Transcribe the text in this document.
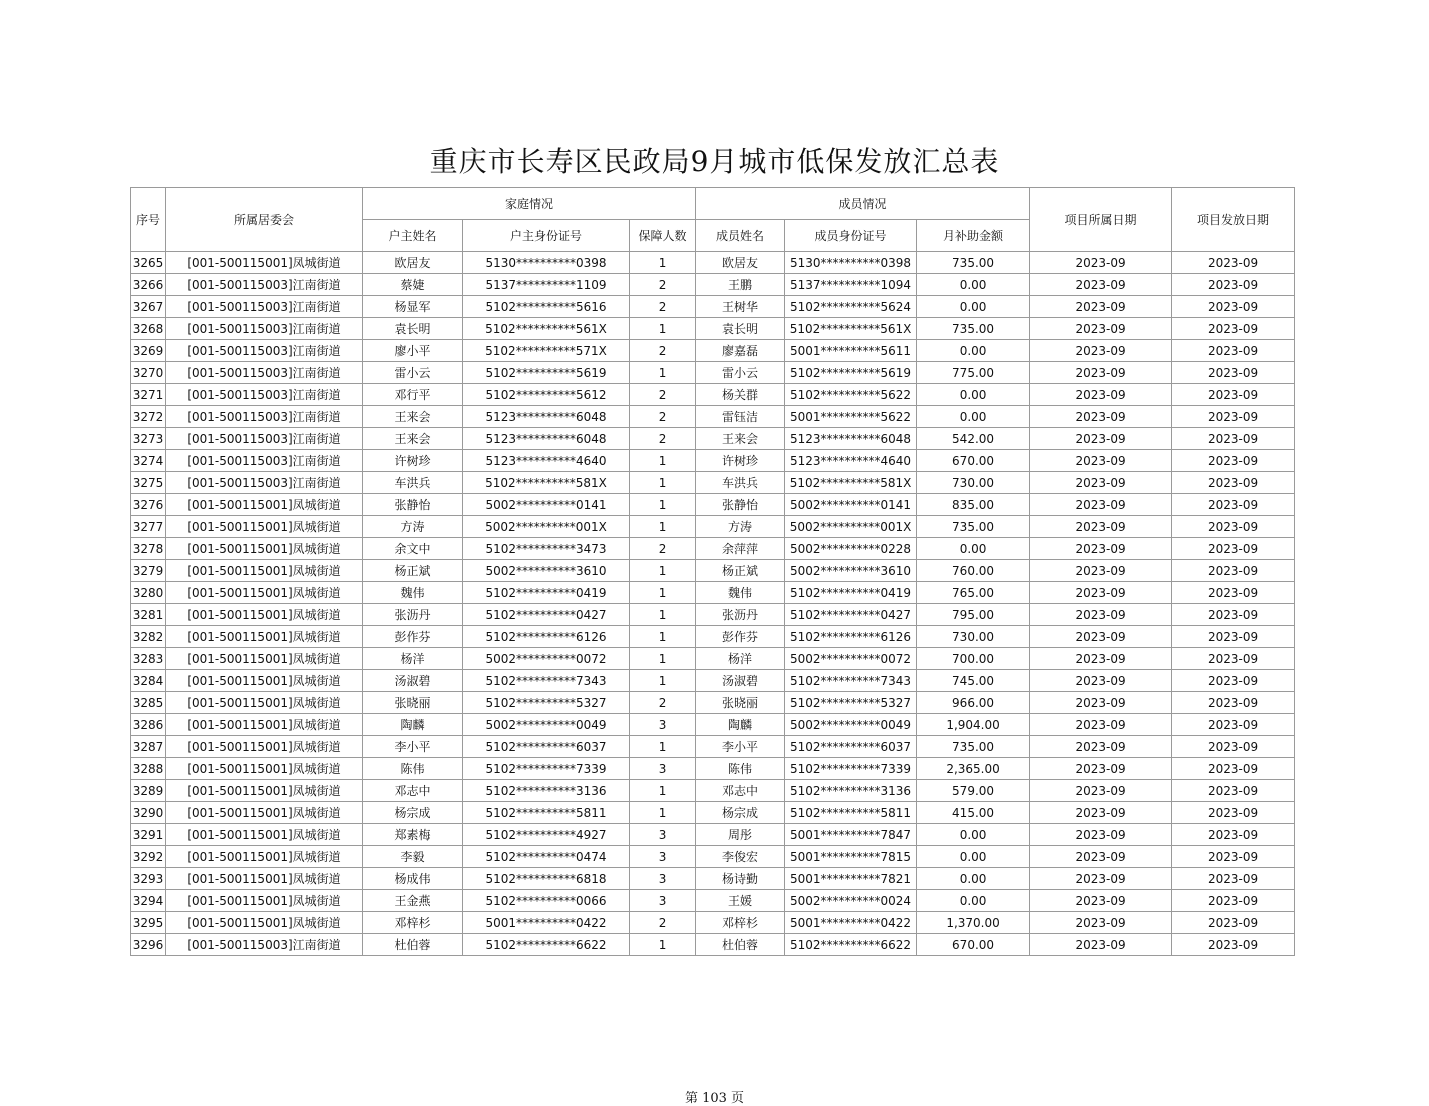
重庆市长寿区民政局9月城市低保发放汇总表
序号	所属居委会	家庭情况			成员情况			项目所属日期	项目发放日期
		户主姓名	户主身份证号	保障人数	成员姓名	成员身份证号	月补助金额		
3265	[001-500115001]凤城街道	欧居友	5130**********0398	1	欧居友	5130**********0398	735.00	2023-09	2023-09
3266	[001-500115003]江南街道	蔡婕	5137**********1109	2	王鹏	5137**********1094	0.00	2023-09	2023-09
3267	[001-500115003]江南街道	杨显军	5102**********5616	2	王树华	5102**********5624	0.00	2023-09	2023-09
3268	[001-500115003]江南街道	袁长明	5102**********561X	1	袁长明	5102**********561X	735.00	2023-09	2023-09
3269	[001-500115003]江南街道	廖小平	5102**********571X	2	廖嘉磊	5001**********5611	0.00	2023-09	2023-09
3270	[001-500115003]江南街道	雷小云	5102**********5619	1	雷小云	5102**********5619	775.00	2023-09	2023-09
3271	[001-500115003]江南街道	邓行平	5102**********5612	2	杨关群	5102**********5622	0.00	2023-09	2023-09
3272	[001-500115003]江南街道	王来会	5123**********6048	2	雷钰洁	5001**********5622	0.00	2023-09	2023-09
3273	[001-500115003]江南街道	王来会	5123**********6048	2	王来会	5123**********6048	542.00	2023-09	2023-09
3274	[001-500115003]江南街道	许树珍	5123**********4640	1	许树珍	5123**********4640	670.00	2023-09	2023-09
3275	[001-500115003]江南街道	车洪兵	5102**********581X	1	车洪兵	5102**********581X	730.00	2023-09	2023-09
3276	[001-500115001]凤城街道	张静怡	5002**********0141	1	张静怡	5002**********0141	835.00	2023-09	2023-09
3277	[001-500115001]凤城街道	方涛	5002**********001X	1	方涛	5002**********001X	735.00	2023-09	2023-09
3278	[001-500115001]凤城街道	余文中	5102**********3473	2	余萍萍	5002**********0228	0.00	2023-09	2023-09
3279	[001-500115001]凤城街道	杨正斌	5002**********3610	1	杨正斌	5002**********3610	760.00	2023-09	2023-09
3280	[001-500115001]凤城街道	魏伟	5102**********0419	1	魏伟	5102**********0419	765.00	2023-09	2023-09
3281	[001-500115001]凤城街道	张沥丹	5102**********0427	1	张沥丹	5102**********0427	795.00	2023-09	2023-09
3282	[001-500115001]凤城街道	彭作芬	5102**********6126	1	彭作芬	5102**********6126	730.00	2023-09	2023-09
3283	[001-500115001]凤城街道	杨洋	5002**********0072	1	杨洋	5002**********0072	700.00	2023-09	2023-09
3284	[001-500115001]凤城街道	汤淑碧	5102**********7343	1	汤淑碧	5102**********7343	745.00	2023-09	2023-09
3285	[001-500115001]凤城街道	张晓丽	5102**********5327	2	张晓丽	5102**********5327	966.00	2023-09	2023-09
3286	[001-500115001]凤城街道	陶麟	5002**********0049	3	陶麟	5002**********0049	1,904.00	2023-09	2023-09
3287	[001-500115001]凤城街道	李小平	5102**********6037	1	李小平	5102**********6037	735.00	2023-09	2023-09
3288	[001-500115001]凤城街道	陈伟	5102**********7339	3	陈伟	5102**********7339	2,365.00	2023-09	2023-09
3289	[001-500115001]凤城街道	邓志中	5102**********3136	1	邓志中	5102**********3136	579.00	2023-09	2023-09
3290	[001-500115001]凤城街道	杨宗成	5102**********5811	1	杨宗成	5102**********5811	415.00	2023-09	2023-09
3291	[001-500115001]凤城街道	郑素梅	5102**********4927	3	周彤	5001**********7847	0.00	2023-09	2023-09
3292	[001-500115001]凤城街道	李毅	5102**********0474	3	李俊宏	5001**********7815	0.00	2023-09	2023-09
3293	[001-500115001]凤城街道	杨成伟	5102**********6818	3	杨诗勤	5001**********7821	0.00	2023-09	2023-09
3294	[001-500115001]凤城街道	王金燕	5102**********0066	3	王媛	5002**********0024	0.00	2023-09	2023-09
3295	[001-500115001]凤城街道	邓梓杉	5001**********0422	2	邓梓杉	5001**********0422	1,370.00	2023-09	2023-09
3296	[001-500115003]江南街道	杜伯蓉	5102**********6622	1	杜伯蓉	5102**********6622	670.00	2023-09	2023-09
第 103 页
